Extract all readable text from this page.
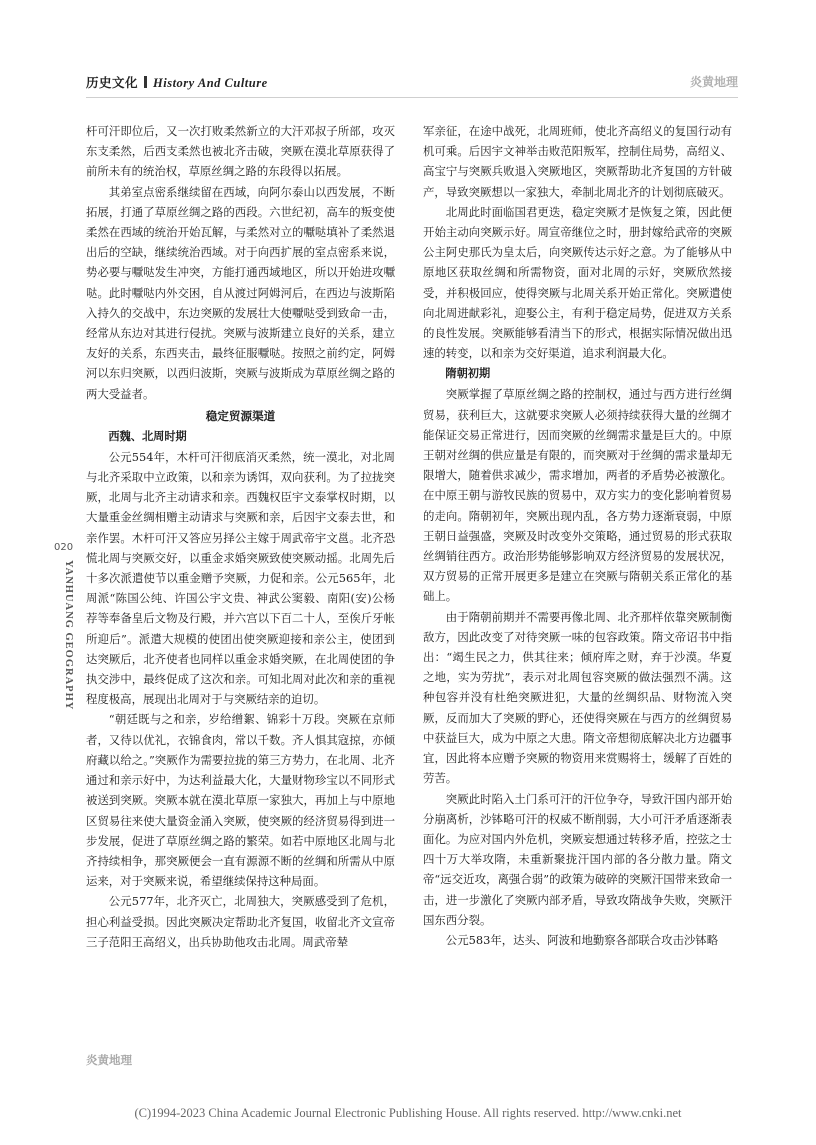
历史文化 History And Culture	炎黄地理
020
YANHUANG GEOGRAPHY

杆可汗即位后，又一次打败柔然新立的大汗邓叔子所部，攻灭东支柔然，后西支柔然也被北齐击破，突厥在漠北草原获得了前所未有的统治权，草原丝绸之路的东段得以拓展。

其弟室点密系继续留在西域，向阿尔泰山以西发展，不断拓展，打通了草原丝绸之路的西段。六世纪初，高车的叛变使柔然在西域的统治开始瓦解，与柔然对立的嚈哒填补了柔然退出后的空缺，继续统治西域。对于向西扩展的室点密系来说，势必要与嚈哒发生冲突，方能打通西域地区，所以开始进攻嚈哒。此时嚈哒内外交困，自从渡过阿姆河后，在西边与波斯陷入持久的交战中，东边突厥的发展壮大使嚈哒受到致命一击，经常从东边对其进行侵扰。突厥与波斯建立良好的关系，建立友好的关系，东西夹击，最终征服嚈哒。按照之前约定，阿姆河以东归突厥，以西归波斯，突厥与波斯成为草原丝绸之路的两大受益者。

稳定贸源渠道
西魏、北周时期

公元554年，木杆可汗彻底消灭柔然，统一漠北，对北周与北齐采取中立政策，以和亲为诱饵，双向获利。为了拉拢突厥，北周与北齐主动请求和亲。西魏权臣宇文泰掌权时期，以大量重金丝绸相赠主动请求与突厥和亲，后因宇文泰去世，和亲作罢。木杆可汗又答应另择公主嫁于周武帝宇文邕。北齐恐慌北周与突厥交好，以重金求婚突厥致使突厥动摇。北周先后十多次派遣使节以重金赠予突厥，力促和亲。公元565年，北周派“陈国公纯、许国公宇文贵、神武公窦毅、南阳(安)公杨荐等奉备皇后文物及行殿，并六宫以下百二十人，至俟斤牙帐所迎后”。派遣大规模的使团出使突厥迎接和亲公主，使团到达突厥后，北齐使者也同样以重金求婚突厥，在北周使团的争执交涉中，最终促成了这次和亲。可知北周对此次和亲的重视程度极高，展现出北周对于与突厥结亲的迫切。

“朝廷既与之和亲，岁给缯絮、锦彩十万段。突厥在京师者，又待以优礼，衣锦食肉，常以千数。齐人惧其寇掠，亦倾府藏以给之。”突厥作为需要拉拢的第三方势力，在北周、北齐通过和亲示好中，为达利益最大化，大量财物珍宝以不同形式被送到突厥。突厥本就在漠北草原一家独大，再加上与中原地区贸易往来使大量资金涌入突厥，使突厥的经济贸易得到进一步发展，促进了草原丝绸之路的繁荣。如若中原地区北周与北齐持续相争，那突厥便会一直有源源不断的丝绸和所需从中原运来，对于突厥来说，希望继续保持这种局面。

公元577年，北齐灭亡，北周独大，突厥感受到了危机，担心利益受损。因此突厥决定帮助北齐复国，收留北齐文宣帝三子范阳王高绍义，出兵协助他攻击北周。周武帝辇

军亲征，在途中战死，北周班师，使北齐高绍义的复国行动有机可乘。后因宇文神举击败范阳叛军，控制住局势，高绍义、高宝宁与突厥兵败退入突厥地区，突厥帮助北齐复国的方针破产，导致突厥想以一家独大，牵制北周北齐的计划彻底破灭。

北周此时面临国君更迭，稳定突厥才是恢复之策，因此便开始主动向突厥示好。周宣帝继位之时，册封嫁给武帝的突厥公主阿史那氏为皇太后，向突厥传达示好之意。为了能够从中原地区获取丝绸和所需物资，面对北周的示好，突厥欣然接受，并积极回应，使得突厥与北周关系开始正常化。突厥遣使向北周进献彩礼，迎娶公主，有利于稳定局势，促进双方关系的良性发展。突厥能够看清当下的形式，根据实际情况做出迅速的转变，以和亲为交好渠道，追求利润最大化。

隋朝初期

突厥掌握了草原丝绸之路的控制权，通过与西方进行丝绸贸易，获利巨大，这就要求突厥人必须持续获得大量的丝绸才能保证交易正常进行，因而突厥的丝绸需求量是巨大的。中原王朝对丝绸的供应量是有限的，而突厥对于丝绸的需求量却无限增大，随着供求减少，需求增加，两者的矛盾势必被激化。在中原王朝与游牧民族的贸易中，双方实力的变化影响着贸易的走向。隋朝初年，突厥出现内乱，各方势力逐渐衰弱，中原王朝日益强盛，突厥及时改变外交策略，通过贸易的形式获取丝绸销往西方。政治形势能够影响双方经济贸易的发展状况，双方贸易的正常开展更多是建立在突厥与隋朝关系正常化的基础上。

由于隋朝前期并不需要再像北周、北齐那样依靠突厥制衡敌方，因此改变了对待突厥一味的包容政策。隋文帝诏书中指出：“竭生民之力，供其往来；倾府库之财，弃于沙漠。华夏之地，实为劳扰”，表示对北周包容突厥的做法强烈不满。这种包容并没有杜绝突厥进犯，大量的丝绸织品、财物流入突厥，反而加大了突厥的野心，还使得突厥在与西方的丝绸贸易中获益巨大，成为中原之大患。隋文帝想彻底解决北方边疆事宜，因此将本应赠予突厥的物资用来赏赐将士，缓解了百姓的劳苦。

突厥此时陷入土门系可汗的汗位争夺，导致汗国内部开始分崩离析，沙钵略可汗的权威不断削弱，大小可汗矛盾逐渐表面化。为应对国内外危机，突厥妄想通过转移矛盾，控弦之士四十万大举攻隋，未重新聚拢汗国内部的各分散力量。隋文帝“远交近攻，离强合弱”的政策为破碎的突厥汗国带来致命一击，进一步激化了突厥内部矛盾，导致攻隋战争失败，突厥汗国东西分裂。

公元583年，达头、阿波和地勤察各部联合攻击沙钵略

炎黄地理
(C)1994-2023 China Academic Journal Electronic Publishing House. All rights reserved. http://www.cnki.net
